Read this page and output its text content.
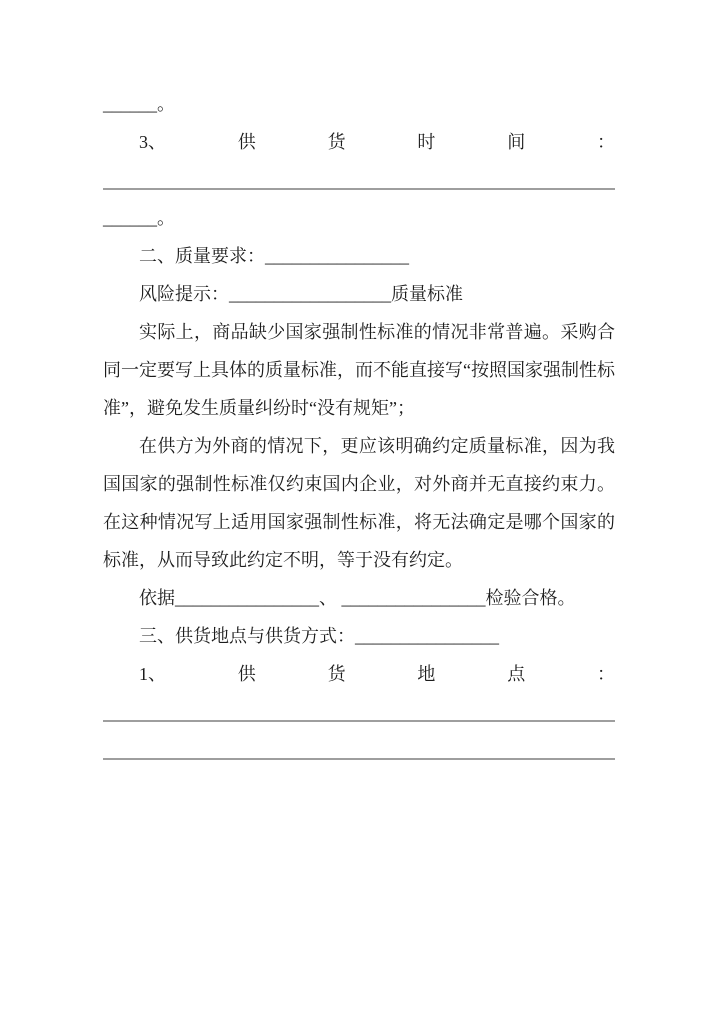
______。
3、	供	货	时	间	：

______。
二、质量要求：________________
风险提示：__________________质量标准
实际上，商品缺少国家强制性标准的情况非常普遍。采购合同一定要写上具体的质量标准，而不能直接写“按照国家强制性标准”，避免发生质量纠纷时“没有规矩”；
在供方为外商的情况下，更应该明确约定质量标准，因为我国国家的强制性标准仅约束国内企业，对外商并无直接约束力。在这种情况写上适用国家强制性标准，将无法确定是哪个国家的标准，从而导致此约定不明，等于没有约定。
依据________________、 ________________检验合格。
三、供货地点与供货方式：________________
1、	供	货	地	点	：
